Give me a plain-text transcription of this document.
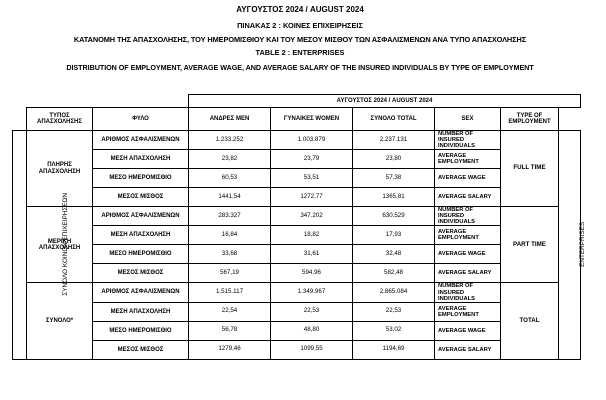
ΑΥΓΟΥΣΤΟΣ 2024 / AUGUST 2024
ΠΙΝΑΚΑΣ 2 : ΚΟΙΝΕΣ ΕΠΙΧΕΙΡΗΣΕΙΣ
ΚΑΤΑΝΟΜΗ ΤΗΣ ΑΠΑΣΧΟΛΗΣΗΣ, ΤΟΥ ΗΜΕΡΟΜΙΣΘΙΟΥ ΚΑΙ ΤΟΥ ΜΕΣΟΥ ΜΙΣΘΟΥ ΤΩΝ ΑΣΦΑΛΙΣΜΕΝΩΝ ΑΝΑ ΤΥΠΟ ΑΠΑΣΧΟΛΗΣΗΣ
TABLE 2 : ENTERPRISES
DISTRIBUTION OF EMPLOYMENT, AVERAGE WAGE, AND AVERAGE SALARY OF THE INSURED INDIVIDUALS BY TYPE OF EMPLOYMENT
			ΑΥΓΟΥΣΤΟΣ 2024 / AUGUST 2024					
	ΤΥΠΟΣ ΑΠΑΣΧΟΛΗΣΗΣ	ΦΥΛΟ	ΑΝΔΡΕΣ MEN	ΓΥΝΑΙΚΕΣ WOMEN	ΣΥΝΟΛΟ TOTAL	SEX	TYPE OF EMPLOYMENT	
ΣΥΝΟΛΟ ΚΟΙΝΩΝ ΕΠΙΧΕΙΡΗΣΕΩΝ	ΠΛΗΡΗΣ ΑΠΑΣΧΟΛΗΣΗ	ΑΡΙΘΜΟΣ ΑΣΦΑΛΙΣΜΕΝΩΝ	1.233.252	1.003.879	2.237.131	NUMBER OF INSURED INDIVIDUALS	FULL TIME	ENTERPRISES
		ΜΕΣΗ ΑΠΑΣΧΟΛΗΣΗ	23,82	23,79	23,80	AVERAGE EMPLOYMENT		
		ΜΕΣΟ ΗΜΕΡΟΜΙΣΘΙΟ	60,53	53,51	57,38	AVERAGE WAGE		
		ΜΕΣΟΣ ΜΙΣΘΟΣ	1441,54	1272,77	1365,81	AVERAGE SALARY		
	ΜΕΡΙΚΗ ΑΠΑΣΧΟΛΗΣΗ	ΑΡΙΘΜΟΣ ΑΣΦΑΛΙΣΜΕΝΩΝ	283.327	347.202	630.529	NUMBER OF INSURED INDIVIDUALS	PART TIME	
		ΜΕΣΗ ΑΠΑΣΧΟΛΗΣΗ	16,84	18,82	17,93	AVERAGE EMPLOYMENT		
		ΜΕΣΟ ΗΜΕΡΟΜΙΣΘΙΟ	33,68	31,61	32,48	AVERAGE WAGE		
		ΜΕΣΟΣ ΜΙΣΘΟΣ	567,19	594,96	582,48	AVERAGE SALARY		
	ΣΥΝΟΛΟ*	ΑΡΙΘΜΟΣ ΑΣΦΑΛΙΣΜΕΝΩΝ	1.515.117	1.349.967	2.865.084	NUMBER OF INSURED INDIVIDUALS	TOTAL	
		ΜΕΣΗ ΑΠΑΣΧΟΛΗΣΗ	22,54	22,53	22,53	AVERAGE EMPLOYMENT		
		ΜΕΣΟ ΗΜΕΡΟΜΙΣΘΙΟ	56,78	48,80	53,02	AVERAGE WAGE		
		ΜΕΣΟΣ ΜΙΣΘΟΣ	1279,46	1099,55	1194,69	AVERAGE SALARY		
